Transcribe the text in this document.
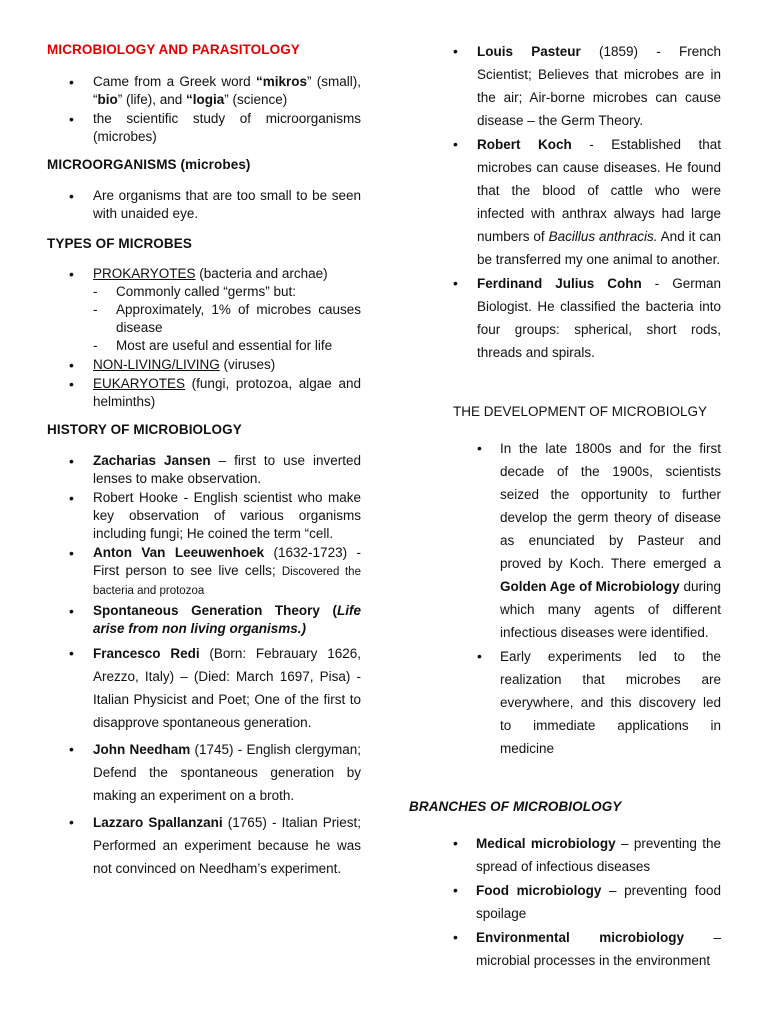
MICROBIOLOGY AND PARASITOLOGY
• Came from a Greek word “mikros” (small), “bio” (life), and “logia” (science)
• the scientific study of microorganisms (microbes)
MICROORGANISMS (microbes)
• Are organisms that are too small to be seen with unaided eye.
TYPES OF MICROBES
• PROKARYOTES (bacteria and archae)
- Commonly called “germs” but:
- Approximately, 1% of microbes causes disease
- Most are useful and essential for life
• NON-LIVING/LIVING (viruses)
• EUKARYOTES (fungi, protozoa, algae and helminths)
HISTORY OF MICROBIOLOGY
• Zacharias Jansen – first to use inverted lenses to make observation.
• Robert Hooke - English scientist who make key observation of various organisms including fungi; He coined the term “cell.
• Anton Van Leeuwenhoek (1632-1723) - First person to see live cells; Discovered the bacteria and protozoa
• Spontaneous Generation Theory (Life arise from non living organisms.)
• Francesco Redi (Born: Febrauary 1626, Arezzo, Italy) – (Died: March 1697, Pisa) - Italian Physicist and Poet; One of the first to disapprove spontaneous generation.
• John Needham (1745) - English clergyman; Defend the spontaneous generation by making an experiment on a broth.
• Lazzaro Spallanzani (1765) - Italian Priest; Performed an experiment because he was not convinced on Needham’s experiment.
• Louis Pasteur (1859) - French Scientist; Believes that microbes are in the air; Air-borne microbes can cause disease – the Germ Theory.
• Robert Koch - Established that microbes can cause diseases. He found that the blood of cattle who were infected with anthrax always had large numbers of Bacillus anthracis. And it can be transferred my one animal to another.
• Ferdinand Julius Cohn - German Biologist. He classified the bacteria into four groups: spherical, short rods, threads and spirals.
THE DEVELOPMENT OF MICROBIOLGY
• In the late 1800s and for the first decade of the 1900s, scientists seized the opportunity to further develop the germ theory of disease as enunciated by Pasteur and proved by Koch. There emerged a Golden Age of Microbiology during which many agents of different infectious diseases were identified.
• Early experiments led to the realization that microbes are everywhere, and this discovery led to immediate applications in medicine
BRANCHES OF MICROBIOLOGY
• Medical microbiology – preventing the spread of infectious diseases
• Food microbiology – preventing food spoilage
• Environmental microbiology – microbial processes in the environment
